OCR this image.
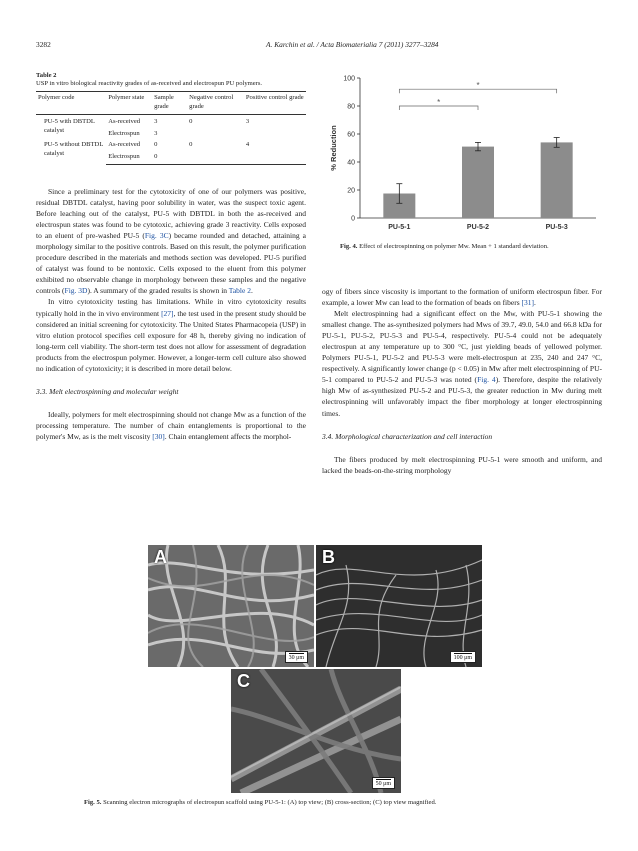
3282	A. Karchin et al. / Acta Biomaterialia 7 (2011) 3277–3284
Table 2
USP in vitro biological reactivity grades of as-received and electrospun PU polymers.
Polymer code	Polymer state	Sample grade	Negative control grade	Positive control grade
PU-5 with DBTDL catalyst	As-received	3	0	3
	Electrospun	3		
PU-5 without DBTDL catalyst	As-received	0	0	4
	Electrospun	0		
0
20
40
60
80
100
% Reduction
PU-5-1	PU-5-2	PU-5-3
*
*
Fig. 4. Effect of electrospinning on polymer Mw. Mean + 1 standard deviation.

Since a preliminary test for the cytotoxicity of one of our polymers was positive, residual DBTDL catalyst, having poor solubility in water, was the suspect toxic agent. Before leaching out of the catalyst, PU-5 with DBTDL in both the as-received and electrospun states was found to be cytotoxic, achieving grade 3 reactivity. Cells exposed to an eluent of pre-washed PU-5 (Fig. 3C) became rounded and detached, attaining a morphology similar to the positive controls. Based on this result, the polymer purification procedure described in the materials and methods section was developed. PU-5 purified of catalyst was found to be nontoxic. Cells exposed to the eluent from this polymer exhibited no observable change in morphology between these samples and the negative controls (Fig. 3D). A summary of the graded results is shown in Table 2.

In vitro cytotoxicity testing has limitations. While in vitro cytotoxicity results typically hold in the in vivo environment [27], the test used in the present study should be considered an initial screening for cytotoxicity. The United States Pharmacopeia (USP) in vitro elution protocol specifies cell exposure for 48 h, thereby giving no indication of long-term cell viability. The short-term test does not allow for assessment of degradation products from the electrospun polymer. However, a longer-term cell culture also showed no indication of cytotoxicity; it is described in more detail below.

3.3. Melt electrospinning and molecular weight

Ideally, polymers for melt electrospinning should not change Mw as a function of the processing temperature. The number of chain entanglements is proportional to the polymer's Mw, as is the melt viscosity [30]. Chain entanglement affects the morphol-

ogy of fibers since viscosity is important to the formation of uniform electrospun fiber. For example, a lower Mw can lead to the formation of beads on fibers [31].

Melt electrospinning had a significant effect on the Mw, with PU-5-1 showing the smallest change. The as-synthesized polymers had Mws of 39.7, 49.0, 54.0 and 66.8 kDa for PU-5-1, PU-5-2, PU-5-3 and PU-5-4, respectively. PU-5-4 could not be adequately electrospun at any temperature up to 300 °C, just yielding beads of yellowed polymer. Polymers PU-5-1, PU-5-2 and PU-5-3 were melt-electrospun at 235, 240 and 247 °C, respectively. A significantly lower change (p < 0.05) in Mw after melt electrospinning of PU-5-1 compared to PU-5-2 and PU-5-3 was noted (Fig. 4). Therefore, despite the relatively high Mw of as-synthesized PU-5-2 and PU-5-3, the greater reduction in Mw during melt electrospinning will unfavorably impact the fiber morphology at longer electrospinning times.

3.4. Morphological characterization and cell interaction

The fibers produced by melt electrospinning PU-5-1 were smooth and uniform, and lacked the beads-on-the-string morphology

A
30 μm
B
100 μm
C
50 μm
Fig. 5. Scanning electron micrographs of electrospun scaffold using PU-5-1: (A) top view; (B) cross-section; (C) top view magnified.
